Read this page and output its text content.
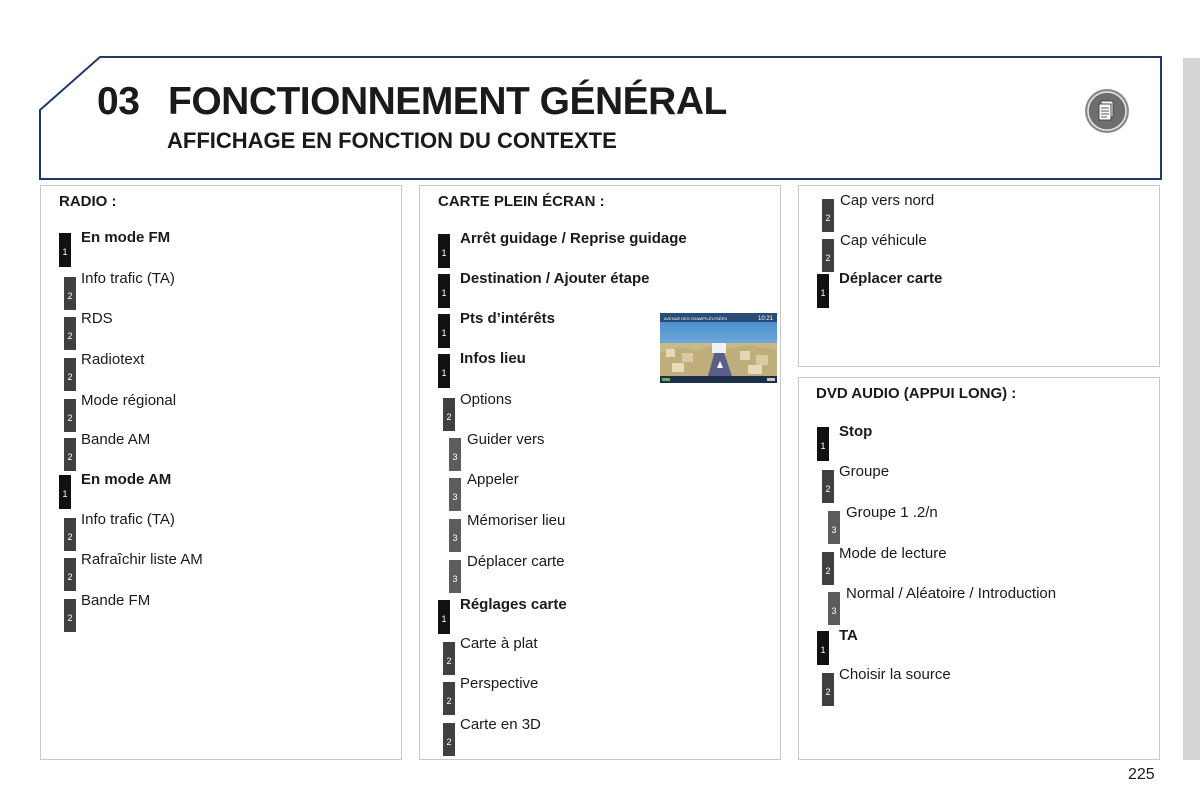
03 FONCTIONNEMENT GÉNÉRAL
AFFICHAGE EN FONCTION DU CONTEXTE
RADIO :
1
En mode FM
2
Info trafic (TA)
2
RDS
2
Radiotext
2
Mode régional
2
Bande AM
1
En mode AM
2
Info trafic (TA)
2
Rafraîchir liste AM
2
Bande FM
CARTE PLEIN ÉCRAN :
1
Arrêt guidage / Reprise guidage
1
Destination / Ajouter étape
1
Pts d’intérêts
1
Infos lieu
2
Options
3
Guider vers
3
Appeler
3
Mémoriser lieu
3
Déplacer carte
1
Réglages carte
2
Carte à plat
2
Perspective
2
Carte en 3D
AVENUE DES CHAMPS-ÉLYSÉES	10:21
2
Cap vers nord
2
Cap véhicule
1
Déplacer carte
DVD AUDIO (APPUI LONG) :
1
Stop
2
Groupe
3
Groupe 1 .2/n
2
Mode de lecture
3
Normal / Aléatoire / Introduction
1
TA
2
Choisir la source
225
